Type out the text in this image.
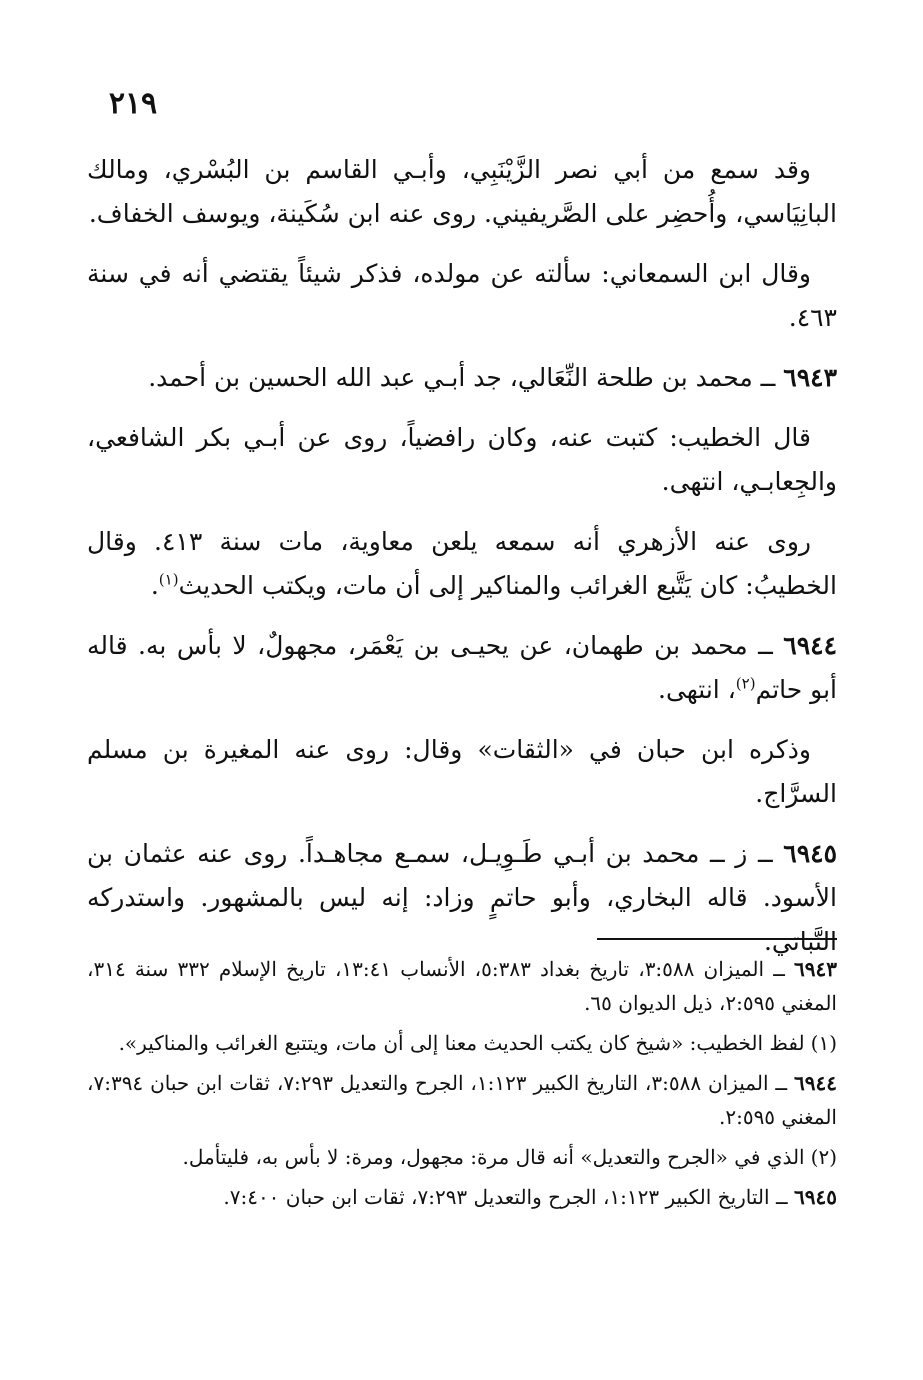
٢١٩

وقد سمع من أبي نصر الزَّيْنَبِي، وأبـي القاسم بن البُسْري، ومالك البانِيَاسي، وأُحضِر على الصَّريفيني. روى عنه ابن سُكَينة، ويوسف الخفاف.

وقال ابن السمعاني: سألته عن مولده، فذكر شيئاً يقتضي أنه في سنة ٤٦٣.

٦٩٤٣ ــ محمد بن طلحة النِّعَالي، جد أبـي عبد الله الحسين بن أحمد.

قال الخطيب: كتبت عنه، وكان رافضياً، روى عن أبـي بكر الشافعي، والجِعابـي، انتهى.

روى عنه الأزهري أنه سمعه يلعن معاوية، مات سنة ٤١٣. وقال الخطيبُ: كان يَتَّبع الغرائب والمناكير إلى أن مات، ويكتب الحديث$^{(١)}$.

٦٩٤٤ ــ محمد بن طهمان، عن يحيـى بن يَعْمَر، مجهولٌ، لا بأس به. قاله أبو حاتم$^{(٢)}$، انتهى.

وذكره ابن حبان في «الثقات» وقال: روى عنه المغيرة بن مسلم السرَّاج.

٦٩٤٥ ــ ز ــ محمد بن أبـي طَـوِيـل، سمـع مجاهـداً. روى عنه عثمان بن الأسود. قاله البخاري، وأبو حاتمٍ وزاد: إنه ليس بالمشهور. واستدركه النَّباتي.

٦٩٤٣ ــ الميزان ٣:٥٨٨، تاريخ بغداد ٥:٣٨٣، الأنساب ١٣:٤١، تاريخ الإسلام ٣٣٢ سنة ٣١٤، المغني ٢:٥٩٥، ذيل الديوان ٦٥.

(١)لفظ الخطيب: «شيخ كان يكتب الحديث معنا إلى أن مات، ويتتبع الغرائب والمناكير».

٦٩٤٤ ــ الميزان ٣:٥٨٨، التاريخ الكبير ١:١٢٣، الجرح والتعديل ٧:٢٩٣، ثقات ابن حبان ٧:٣٩٤، المغني ٢:٥٩٥.

(٢)الذي في «الجرح والتعديل» أنه قال مرة: مجهول، ومرة: لا بأس به، فليتأمل.

٦٩٤٥ ــ التاريخ الكبير ١:١٢٣، الجرح والتعديل ٧:٢٩٣، ثقات ابن حبان ٧:٤٠٠.
